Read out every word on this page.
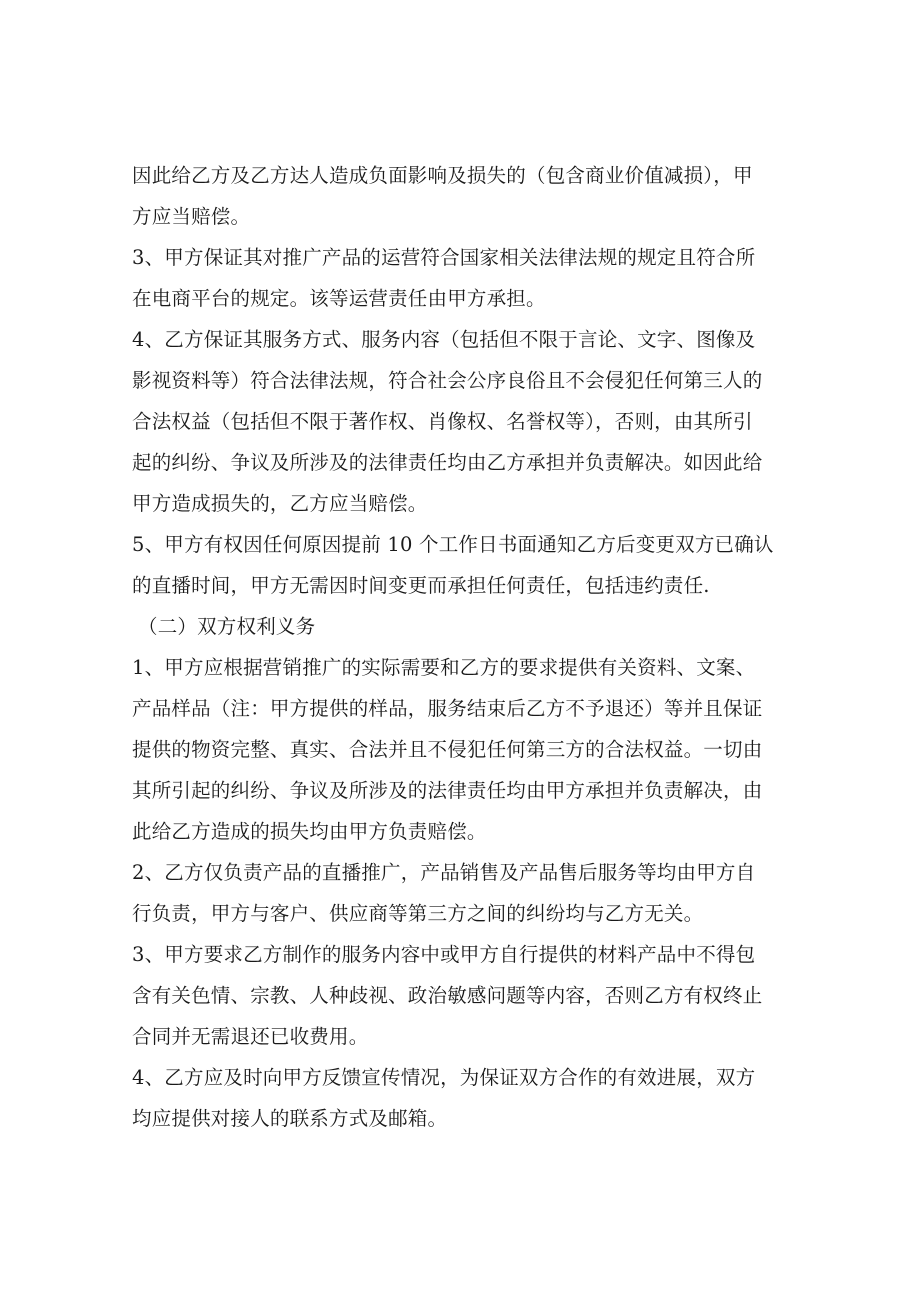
因此给乙方及乙方达人造成负面影响及损失的（包含商业价值减损），甲
方应当赔偿。
3、甲方保证其对推广产品的运营符合国家相关法律法规的规定且符合所
在电商平台的规定。该等运营责任由甲方承担。
4、乙方保证其服务方式、服务内容（包括但不限于言论、文字、图像及
影视资料等）符合法律法规，符合社会公序良俗且不会侵犯任何第三人的
合法权益（包括但不限于著作权、肖像权、名誉权等），否则，由其所引
起的纠纷、争议及所涉及的法律责任均由乙方承担并负责解决。如因此给
甲方造成损失的，乙方应当赔偿。
5、甲方有权因任何原因提前 10 个工作日书面通知乙方后变更双方已确认
的直播时间，甲方无需因时间变更而承担任何责任，包括违约责任.
（二）双方权利义务
1、甲方应根据营销推广的实际需要和乙方的要求提供有关资料、文案、
产品样品（注：甲方提供的样品，服务结束后乙方不予退还）等并且保证
提供的物资完整、真实、合法并且不侵犯任何第三方的合法权益。一切由
其所引起的纠纷、争议及所涉及的法律责任均由甲方承担并负责解决，由
此给乙方造成的损失均由甲方负责赔偿。
2、乙方仅负责产品的直播推广，产品销售及产品售后服务等均由甲方自
行负责，甲方与客户、供应商等第三方之间的纠纷均与乙方无关。
3、甲方要求乙方制作的服务内容中或甲方自行提供的材料产品中不得包
含有关色情、宗教、人种歧视、政治敏感问题等内容，否则乙方有权终止
合同并无需退还已收费用。
4、乙方应及时向甲方反馈宣传情况，为保证双方合作的有效进展，双方
均应提供对接人的联系方式及邮箱。
